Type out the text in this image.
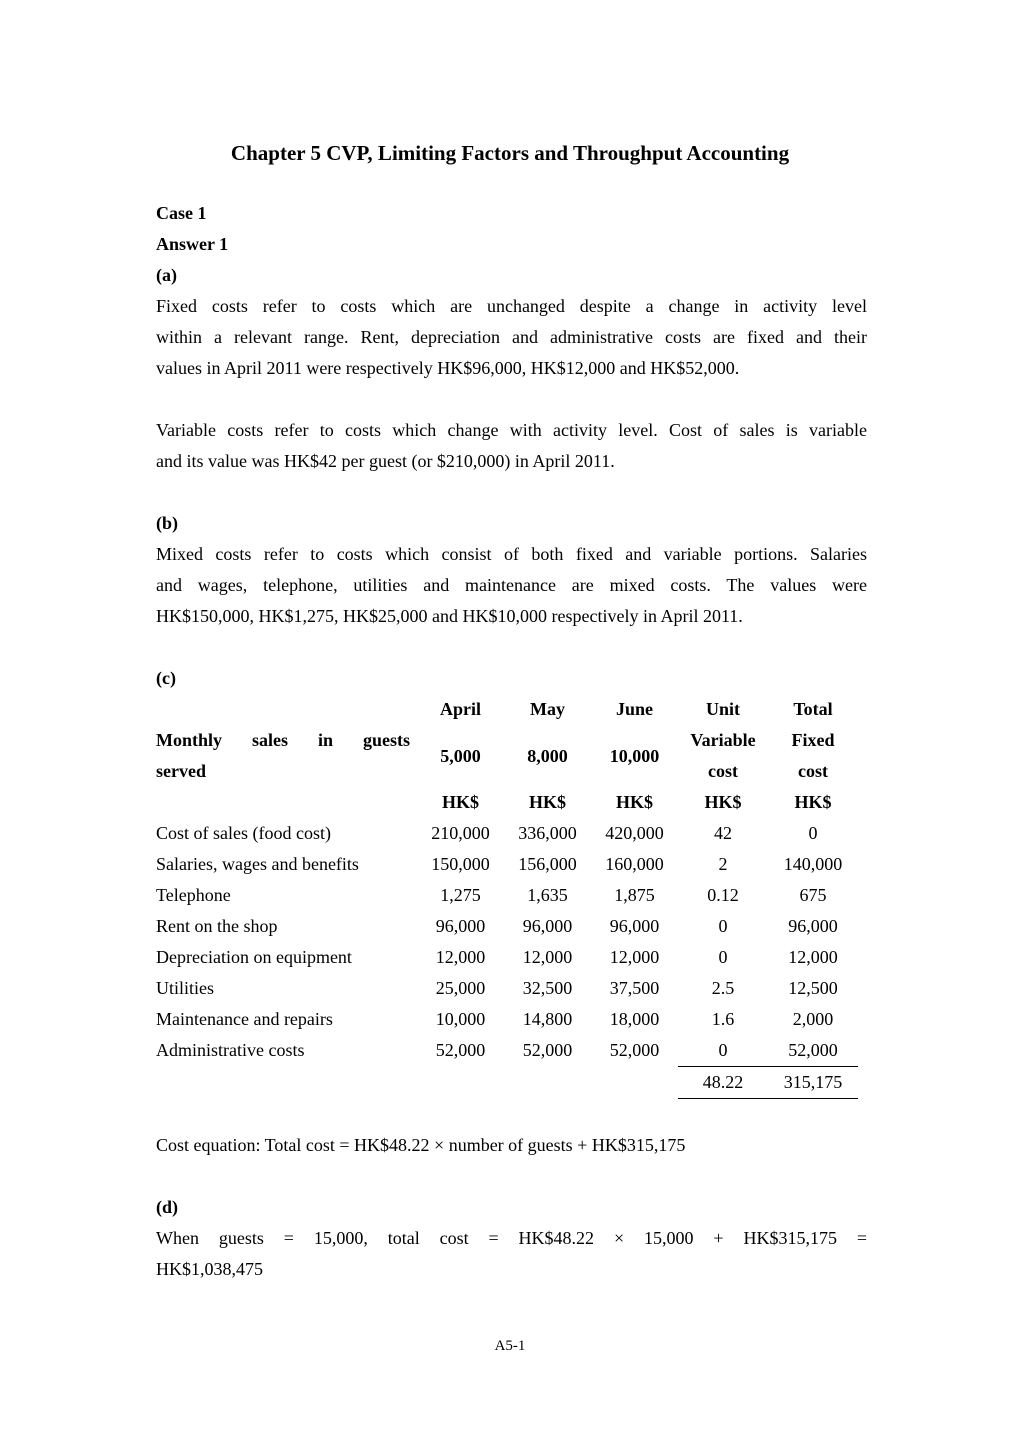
Chapter 5 CVP, Limiting Factors and Throughput Accounting
Case 1
Answer 1
(a)
Fixed costs refer to costs which are unchanged despite a change in activity level
within a relevant range. Rent, depreciation and administrative costs are fixed and their
values in April 2011 were respectively HK$96,000, HK$12,000 and HK$52,000.
Variable costs refer to costs which change with activity level. Cost of sales is variable
and its value was HK$42 per guest (or $210,000) in April 2011.
(b)
Mixed costs refer to costs which consist of both fixed and variable portions. Salaries
and wages, telephone, utilities and maintenance are mixed costs. The values were
HK$150,000, HK$1,275, HK$25,000 and HK$10,000 respectively in April 2011.
(c)
	April	May	June	Unit	Total

Monthly sales in guests	5,000	8,000	10,000	Variable	Fixed
served				cost	cost
	HK$	HK$	HK$	HK$	HK$
Cost of sales (food cost)	210,000	336,000	420,000	42	0
Salaries, wages and benefits	150,000	156,000	160,000	2	140,000
Telephone	1,275	1,635	1,875	0.12	675
Rent on the shop	96,000	96,000	96,000	0	96,000
Depreciation on equipment	12,000	12,000	12,000	0	12,000
Utilities	25,000	32,500	37,500	2.5	12,500
Maintenance and repairs	10,000	14,800	18,000	1.6	2,000
Administrative costs	52,000	52,000	52,000	0	52,000
				48.22	315,175
Cost equation: Total cost = HK$48.22 × number of guests + HK$315,175
(d)
When guests = 15,000, total cost = HK$48.22 × 15,000 + HK$315,175 =
HK$1,038,475
A5-1
